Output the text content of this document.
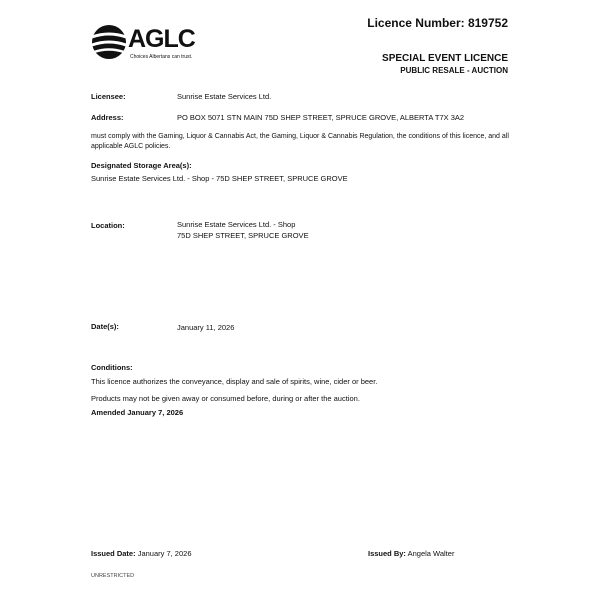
AGLC
Choices Albertans can trust.
Licence Number: 819752
SPECIAL EVENT LICENCE
PUBLIC RESALE - AUCTION
Licensee:	Sunrise Estate Services Ltd.
Address:	PO BOX 5071 STN MAIN 75D SHEP STREET, SPRUCE GROVE, ALBERTA T7X 3A2
must comply with the Gaming, Liquor & Cannabis Act, the Gaming, Liquor & Cannabis Regulation, the conditions of this licence, and all applicable AGLC policies.
Designated Storage Area(s):
Sunrise Estate Services Ltd. - Shop - 75D SHEP STREET, SPRUCE GROVE
Location:	Sunrise Estate Services Ltd. - Shop
75D SHEP STREET, SPRUCE GROVE
Date(s):	January 11, 2026
Conditions:
This licence authorizes the conveyance, display and sale of spirits, wine, cider or beer.
Products may not be given away or consumed before, during or after the auction.
Amended January 7, 2026
Issued Date: January 7, 2026	Issued By: Angela Walter
UNRESTRICTED
